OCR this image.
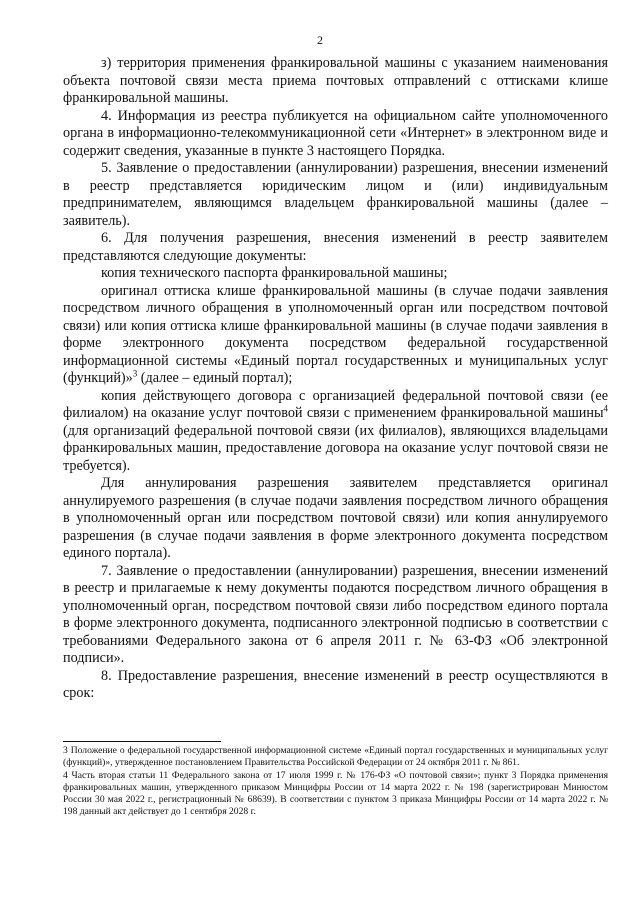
2

з) территория применения франкировальной машины с указанием наименования объекта почтовой связи места приема почтовых отправлений с оттисками клише франкировальной машины.

4. Информация из реестра публикуется на официальном сайте уполномоченного органа в информационно-телекоммуникационной сети «Интернет» в электронном виде и содержит сведения, указанные в пункте 3 настоящего Порядка.

5. Заявление о предоставлении (аннулировании) разрешения, внесении изменений в реестр представляется юридическим лицом и (или) индивидуальным предпринимателем, являющимся владельцем франкировальной машины (далее – заявитель).

6. Для получения разрешения, внесения изменений в реестр заявителем представляются следующие документы:

копия технического паспорта франкировальной машины;

оригинал оттиска клише франкировальной машины (в случае подачи заявления посредством личного обращения в уполномоченный орган или посредством почтовой связи) или копия оттиска клише франкировальной машины (в случае подачи заявления в форме электронного документа посредством федеральной государственной информационной системы «Единый портал государственных и муниципальных услуг (функций)»$^3$ (далее – единый портал);

копия действующего договора с организацией федеральной почтовой связи (ее филиалом) на оказание услуг почтовой связи с применением франкировальной машины$^4$ (для организаций федеральной почтовой связи (их филиалов), являющихся владельцами франкировальных машин, предоставление договора на оказание услуг почтовой связи не требуется).

Для аннулирования разрешения заявителем представляется оригинал аннулируемого разрешения (в случае подачи заявления посредством личного обращения в уполномоченный орган или посредством почтовой связи) или копия аннулируемого разрешения (в случае подачи заявления в форме электронного документа посредством единого портала).

7. Заявление о предоставлении (аннулировании) разрешения, внесении изменений в реестр и прилагаемые к нему документы подаются посредством личного обращения в уполномоченный орган, посредством почтовой связи либо посредством единого портала в форме электронного документа, подписанного электронной подписью в соответствии с требованиями Федерального закона от 6 апреля 2011 г. № 63-ФЗ «Об электронной подписи».

8. Предоставление разрешения, внесение изменений в реестр осуществляются в срок:

3 Положение о федеральной государственной информационной системе «Единый портал государственных и муниципальных услуг (функций)», утвержденное постановлением Правительства Российской Федерации от 24 октября 2011 г. № 861.

4 Часть вторая статьи 11 Федерального закона от 17 июля 1999 г. № 176-ФЗ «О почтовой связи»; пункт 3 Порядка применения франкировальных машин, утвержденного приказом Минцифры России от 14 марта 2022 г. № 198 (зарегистрирован Минюстом России 30 мая 2022 г., регистрационный № 68639). В соответствии с пунктом 3 приказа Минцифры России от 14 марта 2022 г. № 198 данный акт действует до 1 сентября 2028 г.
